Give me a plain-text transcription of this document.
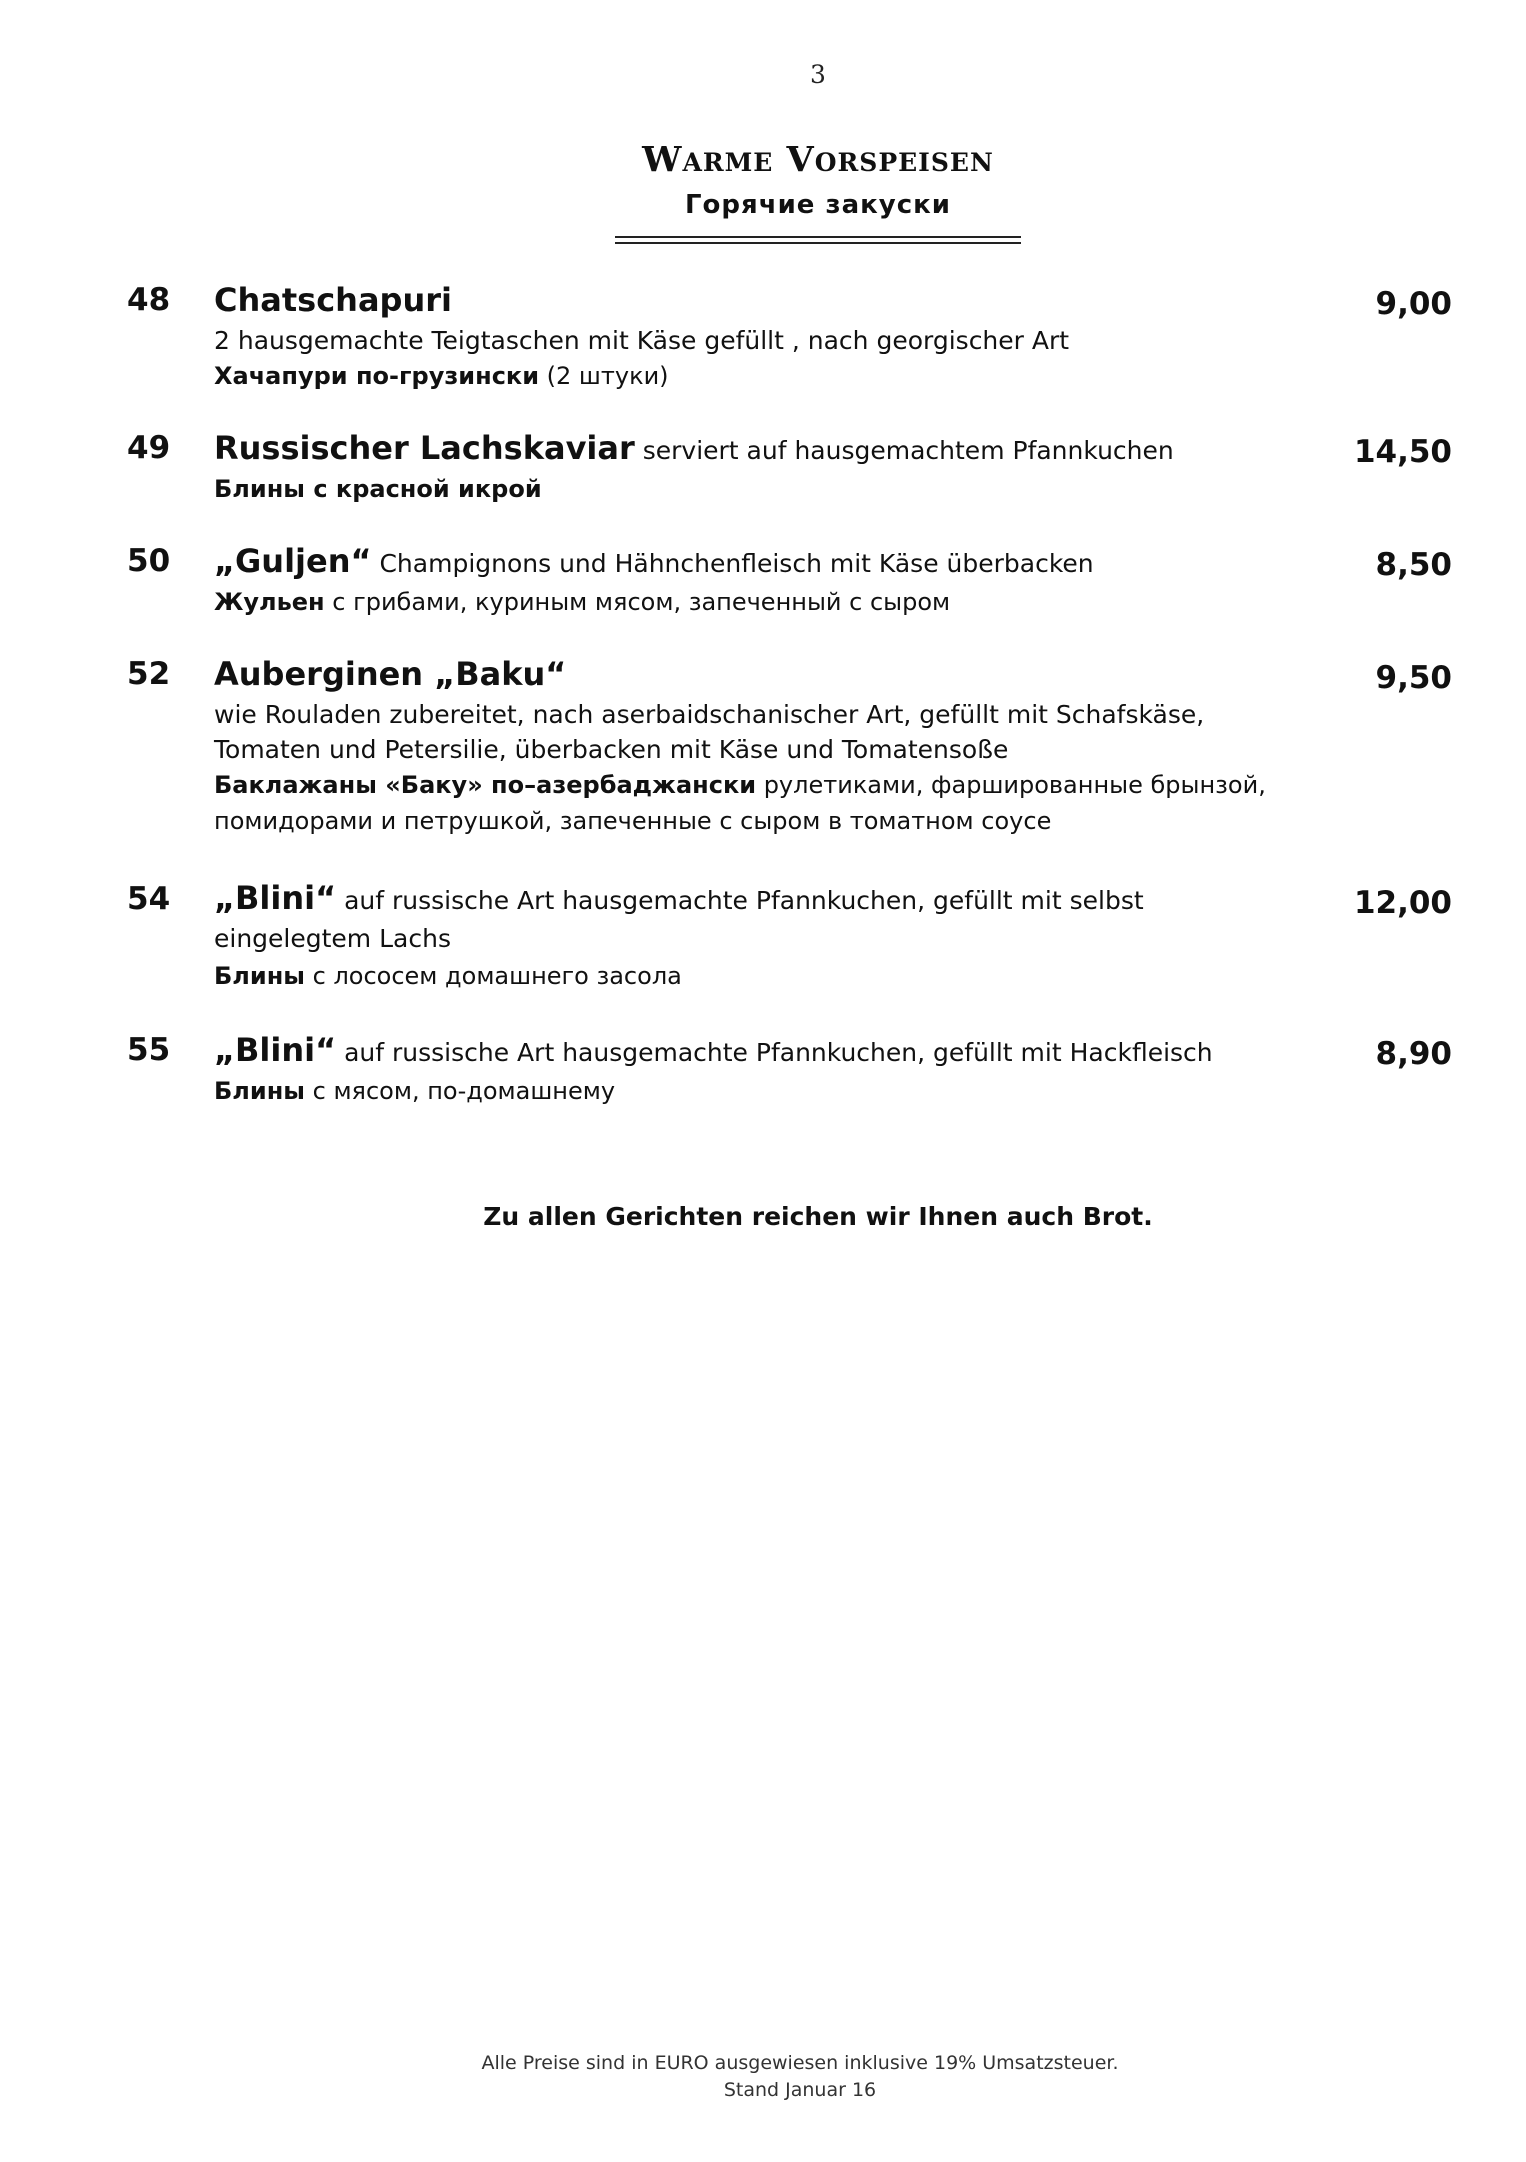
3
Warme Vorspeisen
Горячие закуски
48 Chatschapuri
2 hausgemachte Teigtaschen mit Käse gefüllt , nach georgischer Art
Хачапури по-грузински (2 штуки)
9,00
49 Russischer Lachskaviar serviert auf hausgemachtem Pfannkuchen
Блины с красной икрой
14,50
50 „Guljen“ Champignons und Hähnchenfleisch mit Käse überbacken
Жульен с грибами, куриным мясом, запеченный с сыром
8,50
52 Auberginen „Baku“
wie Rouladen zubereitet, nach aserbaidschanischer Art, gefüllt mit Schafskäse, Tomaten und Petersilie, überbacken mit Käse und Tomatensoße
Баклажаны «Баку» по–азербаджански рулетиками, фаршированные брынзой, помидорами и петрушкой, запеченные с сыром в томатном соусе
9,50
54 „Blini“ auf russische Art hausgemachte Pfannkuchen, gefüllt mit selbst eingelegtem Lachs
Блины с лососем домашнего засола
12,00
55 „Blini“ auf russische Art hausgemachte Pfannkuchen, gefüllt mit Hackfleisch
Блины с мясом, по-домашнему
8,90
Zu allen Gerichten reichen wir Ihnen auch Brot.
Alle Preise sind in EURO ausgewiesen inklusive 19% Umsatzsteuer.
Stand Januar 16
